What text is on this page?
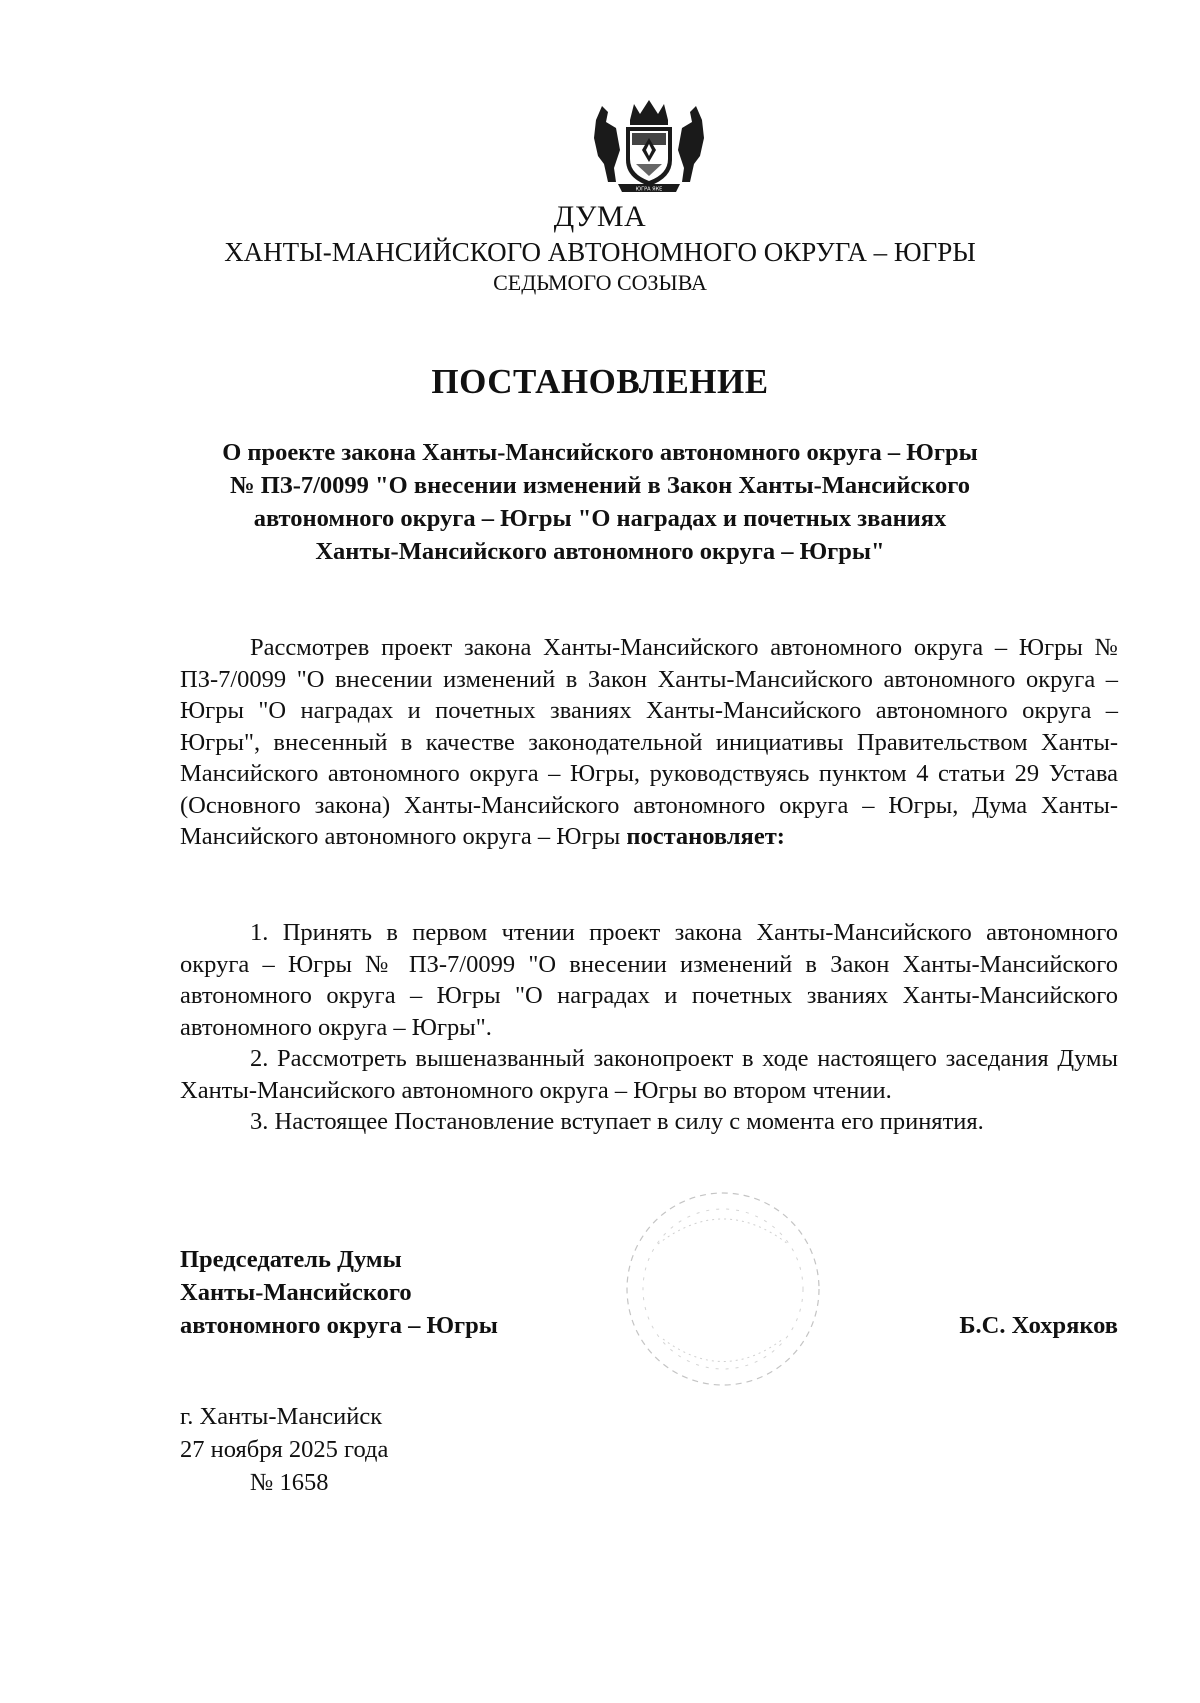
ЮГРА ЯКЕ
ДУМА
ХАНТЫ-МАНСИЙСКОГО АВТОНОМНОГО ОКРУГА – ЮГРЫ
СЕДЬМОГО СОЗЫВА
ПОСТАНОВЛЕНИЕ
О проекте закона Ханты-Мансийского автономного округа – Югры
№ ПЗ-7/0099 "О внесении изменений в Закон Ханты-Мансийского
автономного округа – Югры "О наградах и почетных званиях
Ханты-Мансийского автономного округа – Югры"

Рассмотрев проект закона Ханты-Мансийского автономного округа – Югры № ПЗ-7/0099 "О внесении изменений в Закон Ханты-Мансийского автономного округа – Югры "О наградах и почетных званиях Ханты-Мансийского автономного округа – Югры", внесенный в качестве законодательной инициативы Правительством Ханты-Мансийского автономного округа – Югры, руководствуясь пунктом 4 статьи 29 Устава (Основного закона) Ханты-Мансийского автономного округа – Югры, Дума Ханты-Мансийского автономного округа – Югры постановляет:

1. Принять в первом чтении проект закона Ханты-Мансийского автономного округа – Югры № ПЗ-7/0099 "О внесении изменений в Закон Ханты-Мансийского автономного округа – Югры "О наградах и почетных званиях Ханты-Мансийского автономного округа – Югры".

2. Рассмотреть вышеназванный законопроект в ходе настоящего заседания Думы Ханты-Мансийского автономного округа – Югры во втором чтении.

3. Настоящее Постановление вступает в силу с момента его принятия.

Председатель Думы
Ханты-Мансийского
автономного округа – Югры	Б.С. Хохряков
г. Ханты-Мансийск
27 ноября 2025 года
№ 1658
